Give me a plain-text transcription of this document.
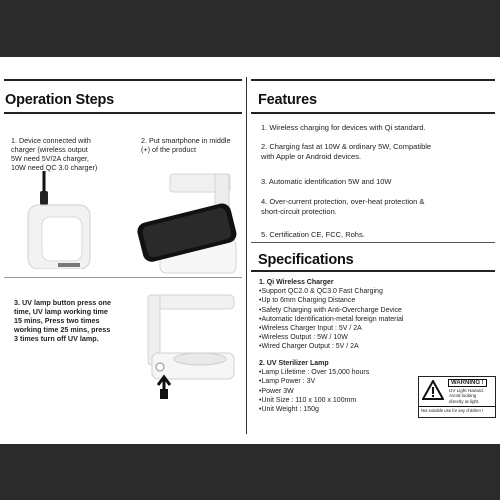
Operation Steps
1. Device connected with
charger (wireless output
5W need 5V/2A charger,
10W need QC 3.0 charger)
2. Put smartphone in middle
(+) of the product
3. UV lamp button press one
time, UV lamp working time
15 mins, Press two times
working time 25 mins, press
3 times turn off UV lamp.
Features
1. Wireless charging for devices with Qi standard.
2. Charging fast at 10W & ordinary 5W, Compatible
with Apple or Android devices.
3. Automatic identification 5W and 10W
4. Over-current protection, over-heat protection &
short-circuit protection.
5. Certification CE, FCC, Rohs.
Specifications
1. Qi Wireless Charger
•Support QC2.0 & QC3.0 Fast Charging
•Up to 6mm Charging Distance
•Safety Charging with Anti-Overcharge Device
•Automatic Identification-metal foreign material
•Wireless Charger Input : 5V / 2A
•Wireless Output : 5W / 10W
•Wired Charger Output : 5V / 2A
2. UV Sterilizer Lamp
•Lamp Lifetime : Over 15,000 hours
•Lamp Power : 3V
•Power 3W
•Unit Size : 110 x 100 x 100mm
•Unit Weight : 150g
WARNING !
UV Light Hazard.
Avoid looking
directly at light.
Not suitable use for any children !
